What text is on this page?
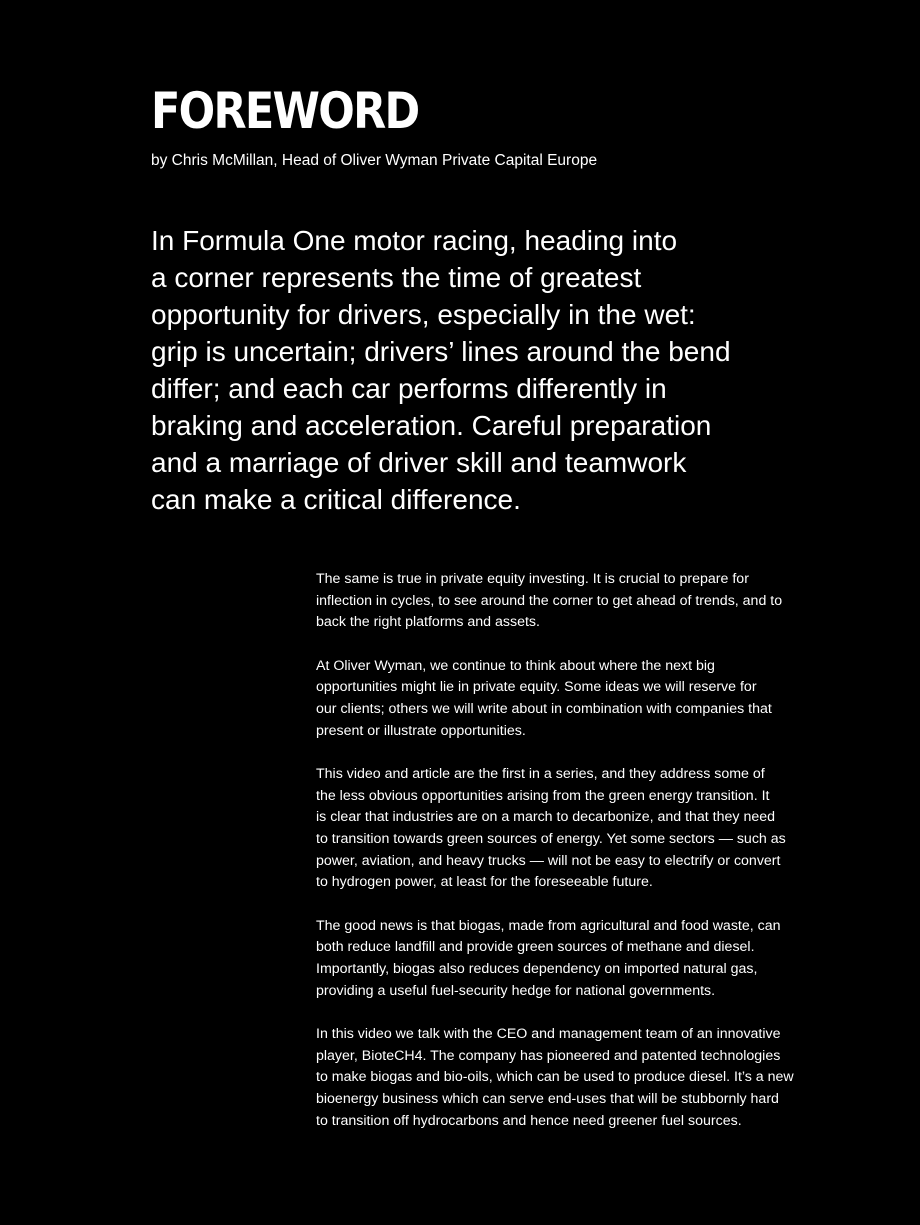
FOREWORD

by Chris McMillan, Head of Oliver Wyman Private Capital Europe

In Formula One motor racing, heading into
a corner represents the time of greatest
opportunity for drivers, especially in the wet:
grip is uncertain; drivers’ lines around the bend
differ; and each car performs differently in
braking and acceleration. Careful preparation
and a marriage of driver skill and teamwork
can make a critical difference.

The same is true in private equity investing. It is crucial to prepare for
inflection in cycles, to see around the corner to get ahead of trends, and to
back the right platforms and assets.

At Oliver Wyman, we continue to think about where the next big
opportunities might lie in private equity. Some ideas we will reserve for
our clients; others we will write about in combination with companies that
present or illustrate opportunities.

This video and article are the first in a series, and they address some of
the less obvious opportunities arising from the green energy transition. It
is clear that industries are on a march to decarbonize, and that they need
to transition towards green sources of energy. Yet some sectors — such as
power, aviation, and heavy trucks — will not be easy to electrify or convert
to hydrogen power, at least for the foreseeable future.

The good news is that biogas, made from agricultural and food waste, can
both reduce landfill and provide green sources of methane and diesel.
Importantly, biogas also reduces dependency on imported natural gas,
providing a useful fuel-security hedge for national governments.

In this video we talk with the CEO and management team of an innovative
player, BioteCH4. The company has pioneered and patented technologies
to make biogas and bio-oils, which can be used to produce diesel. It’s a new
bioenergy business which can serve end-uses that will be stubbornly hard
to transition off hydrocarbons and hence need greener fuel sources.
